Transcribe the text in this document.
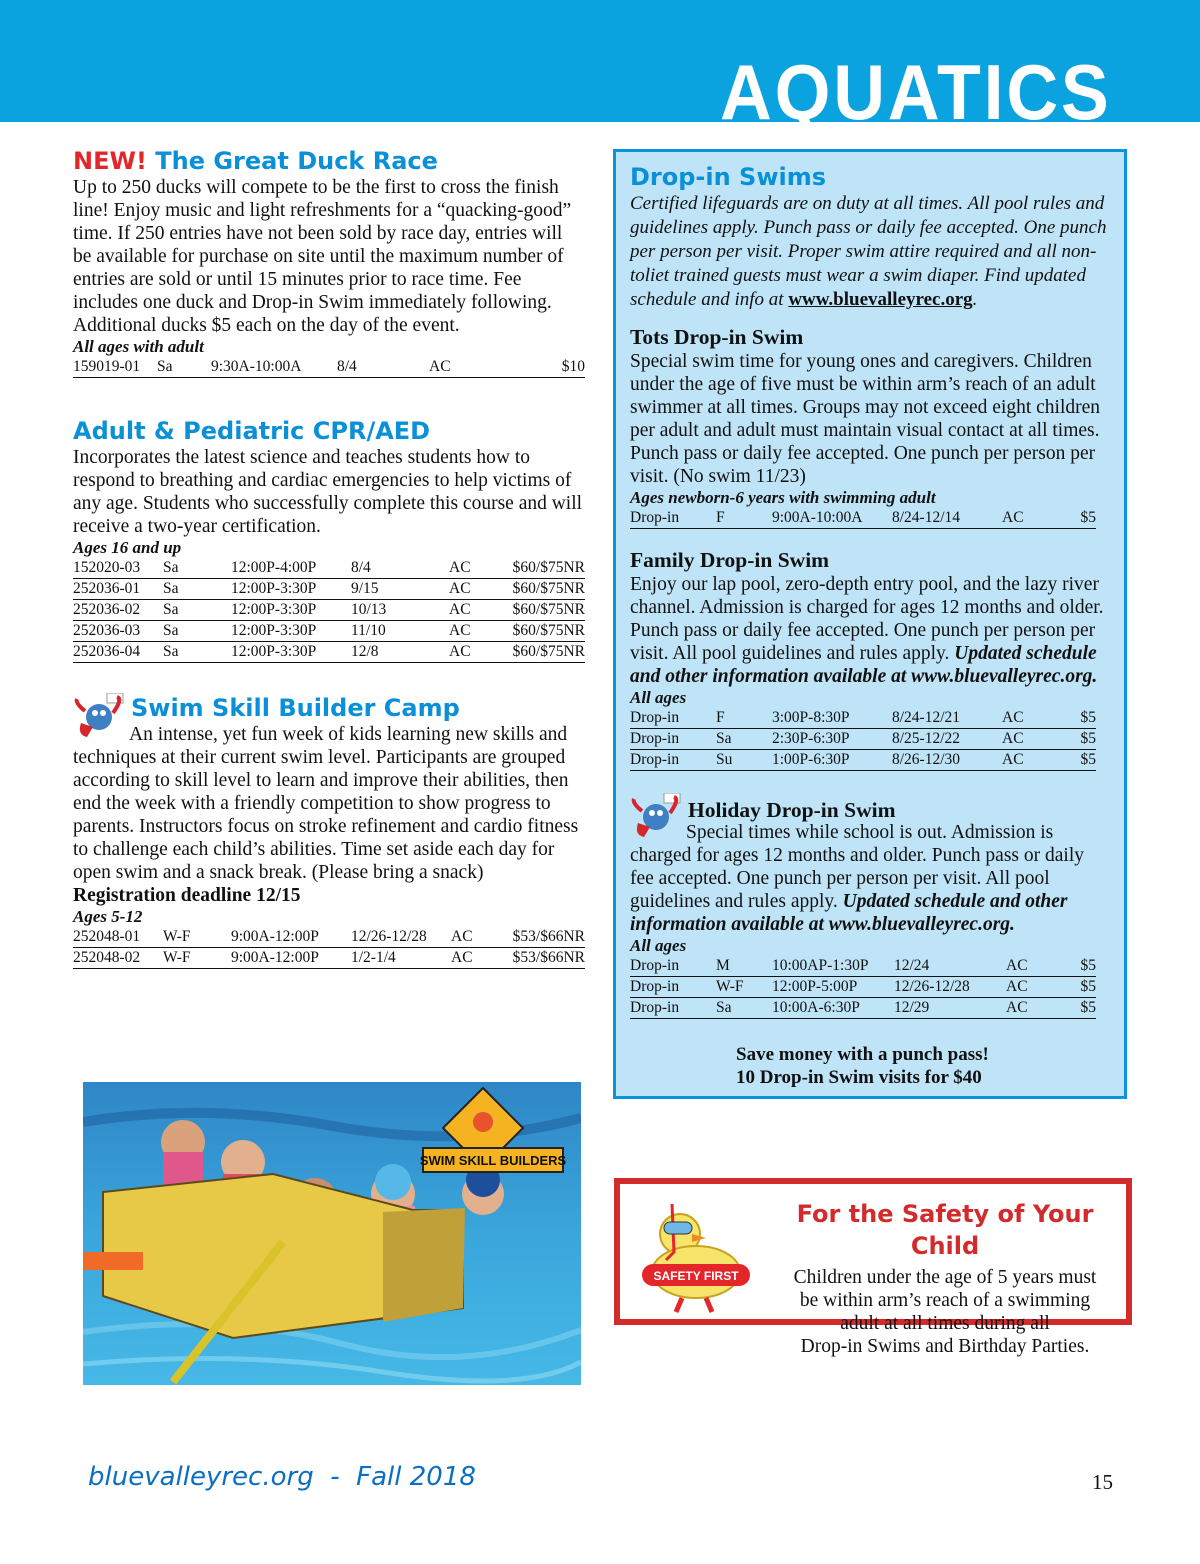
AQUATICS
NEW! The Great Duck Race

Up to 250 ducks will compete to be the first to cross the finish line! Enjoy music and light refreshments for a “quacking-good” time. If 250 entries have not been sold by race day, entries will be available for purchase on site until the maximum number of entries are sold or until 15 minutes prior to race time. Fee includes one duck and Drop-in Swim immediately following. Additional ducks $5 each on the day of the event.

All ages with adult
159019-01	Sa	9:30A-10:00A	8/4	AC	$10
Adult & Pediatric CPR/AED

Incorporates the latest science and teaches students how to respond to breathing and cardiac emergencies to help victims of any age. Students who successfully complete this course and will receive a two-year certification.

Ages 16 and up
152020-03	Sa	12:00P-4:00P	8/4	AC	$60/$75NR
252036-01	Sa	12:00P-3:30P	9/15	AC	$60/$75NR
252036-02	Sa	12:00P-3:30P	10/13	AC	$60/$75NR
252036-03	Sa	12:00P-3:30P	11/10	AC	$60/$75NR
252036-04	Sa	12:00P-3:30P	12/8	AC	$60/$75NR
Swim Skill Builder Camp

An intense, yet fun week of kids learning new skills and techniques at their current swim level. Participants are grouped according to skill level to learn and improve their abilities, then end the week with a friendly competition to show progress to parents. Instructors focus on stroke refinement and cardio fitness to challenge each child’s abilities. Time set aside each day for open swim and a snack break. (Please bring a snack) Registration deadline 12/15

Ages 5-12
252048-01	W-F	9:00A-12:00P	12/26-12/28	AC	$53/$66NR
252048-02	W-F	9:00A-12:00P	1/2-1/4	AC	$53/$66NR
Drop-in Swims

Certified lifeguards are on duty at all times. All pool rules and guidelines apply. Punch pass or daily fee accepted. One punch per person per visit. Proper swim attire required and all non-toliet trained guests must wear a swim diaper. Find updated schedule and info at www.bluevalleyrec.org.

Tots Drop-in Swim

Special swim time for young ones and caregivers. Children under the age of five must be within arm’s reach of an adult swimmer at all times. Groups may not exceed eight children per adult and adult must maintain visual contact at all times. Punch pass or daily fee accepted. One punch per person per visit. (No swim 11/23)

Ages newborn-6 years with swimming adult
Drop-in	F	9:00A-10:00A	8/24-12/14	AC	$5
Family Drop-in Swim

Enjoy our lap pool, zero-depth entry pool, and the lazy river channel. Admission is charged for ages 12 months and older. Punch pass or daily fee accepted. One punch per person per visit. All pool guidelines and rules apply. Updated schedule and other information available at www.bluevalleyrec.org.

All ages
Drop-in	F	3:00P-8:30P	8/24-12/21	AC	$5
Drop-in	Sa	2:30P-6:30P	8/25-12/22	AC	$5
Drop-in	Su	1:00P-6:30P	8/26-12/30	AC	$5
Holiday Drop-in Swim

Special times while school is out. Admission is charged for ages 12 months and older. Punch pass or daily fee accepted. One punch per person per visit. All pool guidelines and rules apply. Updated schedule and other information available at www.bluevalleyrec.org.

All ages
Drop-in	M	10:00AP-1:30P	12/24	AC	$5
Drop-in	W-F	12:00P-5:00P	12/26-12/28	AC	$5
Drop-in	Sa	10:00A-6:30P	12/29	AC	$5
Save money with a punch pass!
10 Drop-in Swim visits for $40
SWIM SKILL BUILDERS
SAFETY FIRST
For the Safety of Your Child
Children under the age of 5 years must
be within arm’s reach of a swimming
adult at all times during all
Drop-in Swims and Birthday Parties.
bluevalleyrec.org  -  Fall 2018	15
